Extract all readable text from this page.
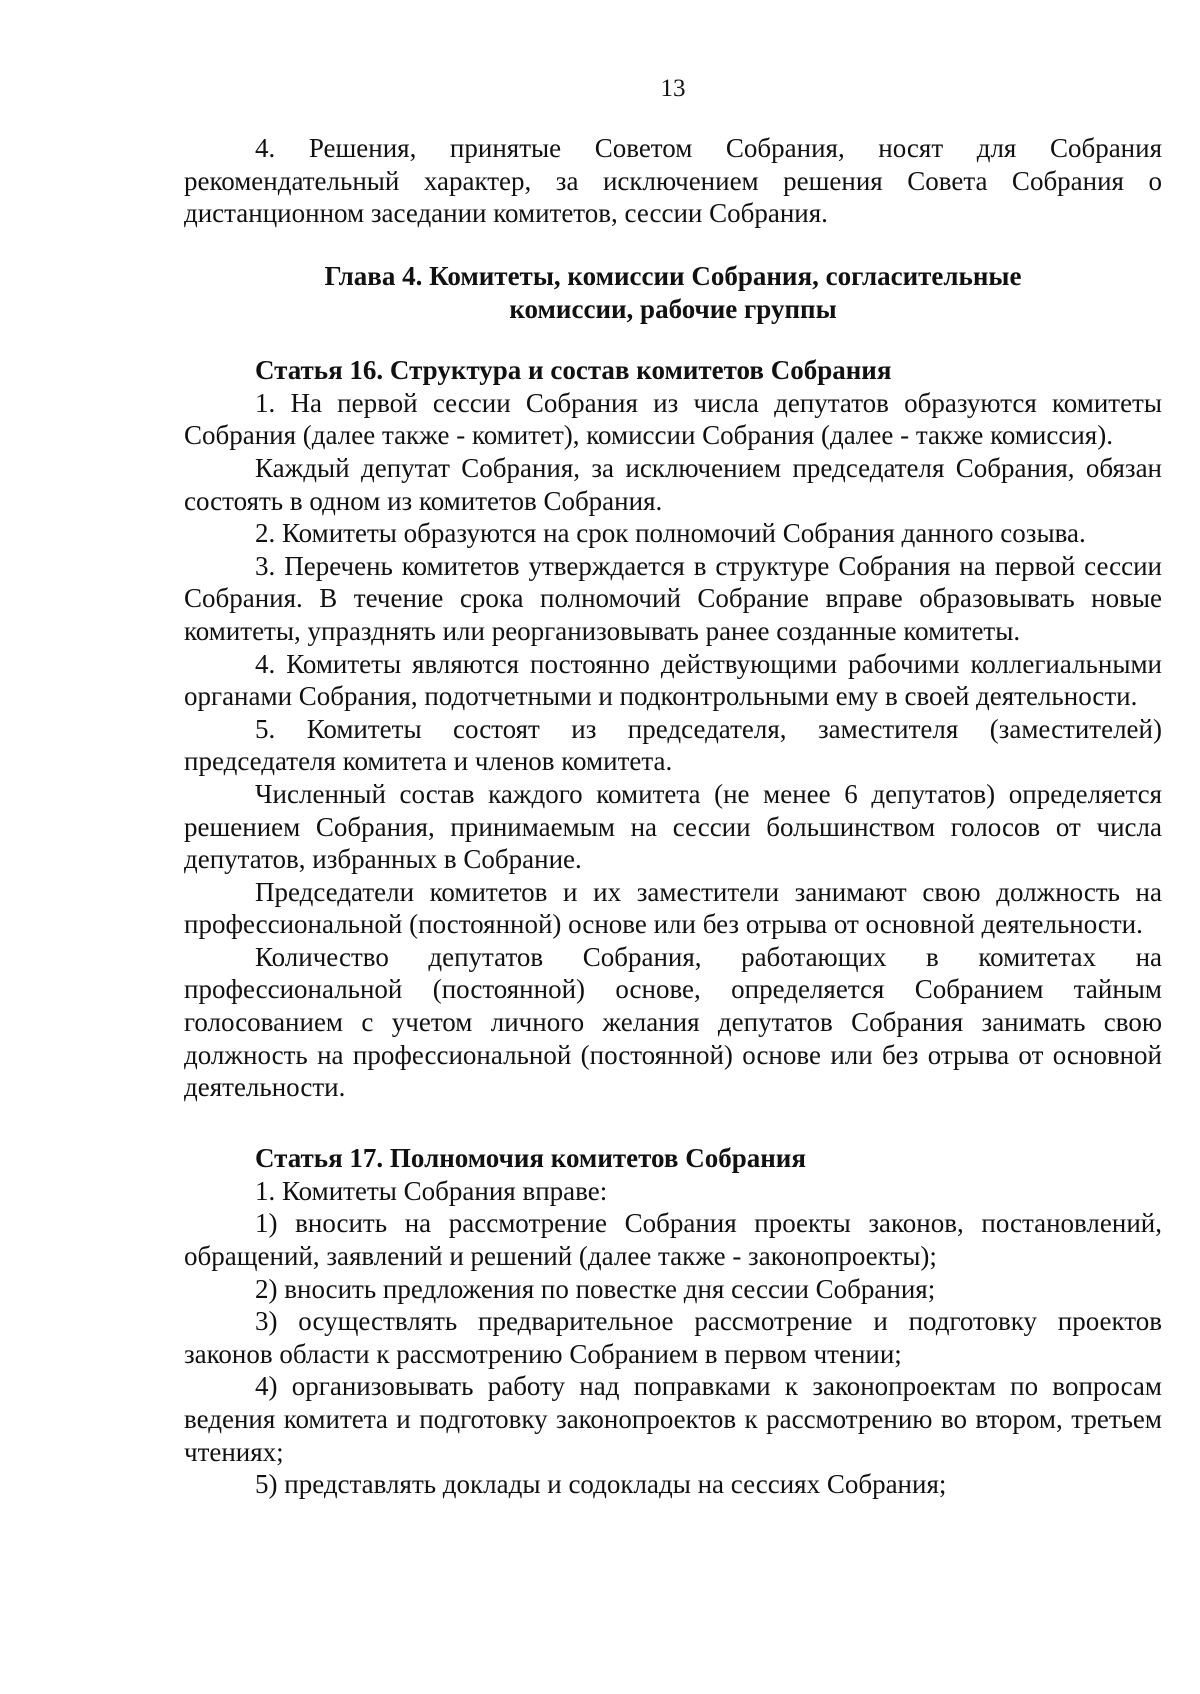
13

4. Решения, принятые Советом Собрания, носят для Собрания рекомендательный характер, за исключением решения Совета Собрания о дистанционном заседании комитетов, сессии Собрания.

Глава 4. Комитеты, комиссии Собрания, согласительные
комиссии, рабочие группы
Статья 16. Структура и состав комитетов Собрания

1. На первой сессии Собрания из числа депутатов образуются комитеты Собрания (далее также - комитет), комиссии Собрания (далее - также комиссия).

Каждый депутат Собрания, за исключением председателя Собрания, обязан состоять в одном из комитетов Собрания.

2. Комитеты образуются на срок полномочий Собрания данного созыва.

3. Перечень комитетов утверждается в структуре Собрания на первой сессии Собрания. В течение срока полномочий Собрание вправе образовывать новые комитеты, упразднять или реорганизовывать ранее созданные комитеты.

4. Комитеты являются постоянно действующими рабочими коллегиальными органами Собрания, подотчетными и подконтрольными ему в своей деятельности.

5. Комитеты состоят из председателя, заместителя (заместителей) председателя комитета и членов комитета.

Численный состав каждого комитета (не менее 6 депутатов) определяется решением Собрания, принимаемым на сессии большинством голосов от числа депутатов, избранных в Собрание.

Председатели комитетов и их заместители занимают свою должность на профессиональной (постоянной) основе или без отрыва от основной деятельности.

Количество депутатов Собрания, работающих в комитетах на профессиональной (постоянной) основе, определяется Собранием тайным голосованием с учетом личного желания депутатов Собрания занимать свою должность на профессиональной (постоянной) основе или без отрыва от основной деятельности.

Статья 17. Полномочия комитетов Собрания

1. Комитеты Собрания вправе:

1) вносить на рассмотрение Собрания проекты законов, постановлений, обращений, заявлений и решений (далее также - законопроекты);

2) вносить предложения по повестке дня сессии Собрания;

3) осуществлять предварительное рассмотрение и подготовку проектов законов области к рассмотрению Собранием в первом чтении;

4) организовывать работу над поправками к законопроектам по вопросам ведения комитета и подготовку законопроектов к рассмотрению во втором, третьем чтениях;

5) представлять доклады и содоклады на сессиях Собрания;
